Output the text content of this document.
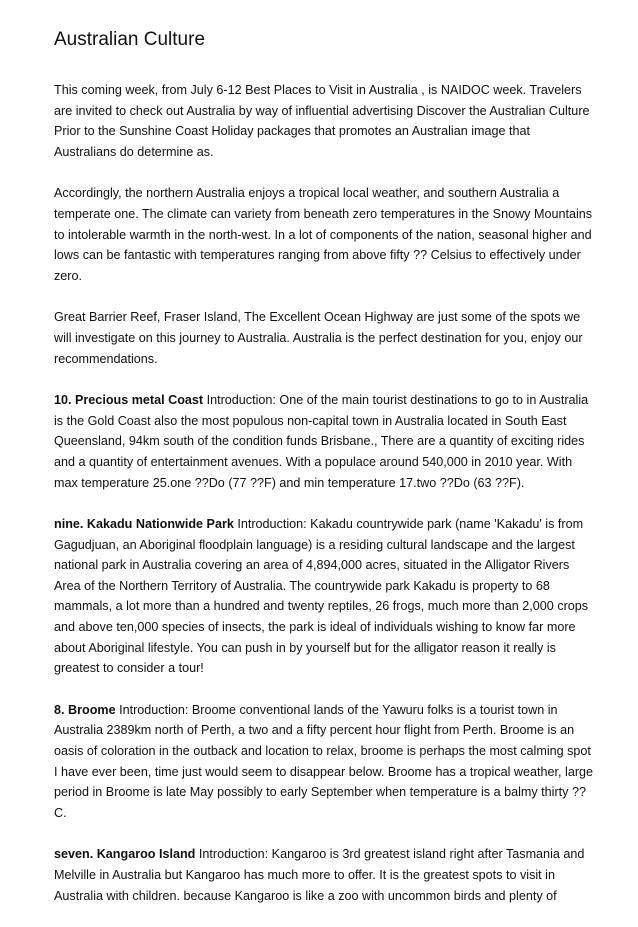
Australian Culture

This coming week, from July 6-12 Best Places to Visit in Australia , is NAIDOC week. Travelers are invited to check out Australia by way of influential advertising Discover the Australian Culture Prior to the Sunshine Coast Holiday packages that promotes an Australian image that Australians do determine as.

Accordingly, the northern Australia enjoys a tropical local weather, and southern Australia a temperate one. The climate can variety from beneath zero temperatures in the Snowy Mountains to intolerable warmth in the north-west. In a lot of components of the nation, seasonal higher and lows can be fantastic with temperatures ranging from above fifty ?? Celsius to effectively under zero.

Great Barrier Reef, Fraser Island, The Excellent Ocean Highway are just some of the spots we will investigate on this journey to Australia. Australia is the perfect destination for you, enjoy our recommendations.

10. Precious metal Coast Introduction: One of the main tourist destinations to go to in Australia is the Gold Coast also the most populous non-capital town in Australia located in South East Queensland, 94km south of the condition funds Brisbane., There are a quantity of exciting rides and a quantity of entertainment avenues. With a populace around 540,000 in 2010 year. With max temperature 25.one ??Do (77 ??F) and min temperature 17.two ??Do (63 ??F).

nine. Kakadu Nationwide Park Introduction: Kakadu countrywide park (name 'Kakadu' is from Gagudjuan, an Aboriginal floodplain language) is a residing cultural landscape and the largest national park in Australia covering an area of 4,894,000 acres, situated in the Alligator Rivers Area of the Northern Territory of Australia. The countrywide park Kakadu is property to 68 mammals, a lot more than a hundred and twenty reptiles, 26 frogs, much more than 2,000 crops and above ten,000 species of insects, the park is ideal of individuals wishing to know far more about Aboriginal lifestyle. You can push in by yourself but for the alligator reason it really is greatest to consider a tour!

8. Broome Introduction: Broome conventional lands of the Yawuru folks is a tourist town in Australia 2389km north of Perth, a two and a fifty percent hour flight from Perth. Broome is an oasis of coloration in the outback and location to relax, broome is perhaps the most calming spot I have ever been, time just would seem to disappear below. Broome has a tropical weather, large period in Broome is late May possibly to early September when temperature is a balmy thirty ??C.

seven. Kangaroo Island Introduction: Kangaroo is 3rd greatest island right after Tasmania and Melville in Australia but Kangaroo has much more to offer. It is the greatest spots to visit in Australia with children. because Kangaroo is like a zoo with uncommon birds and plenty of
